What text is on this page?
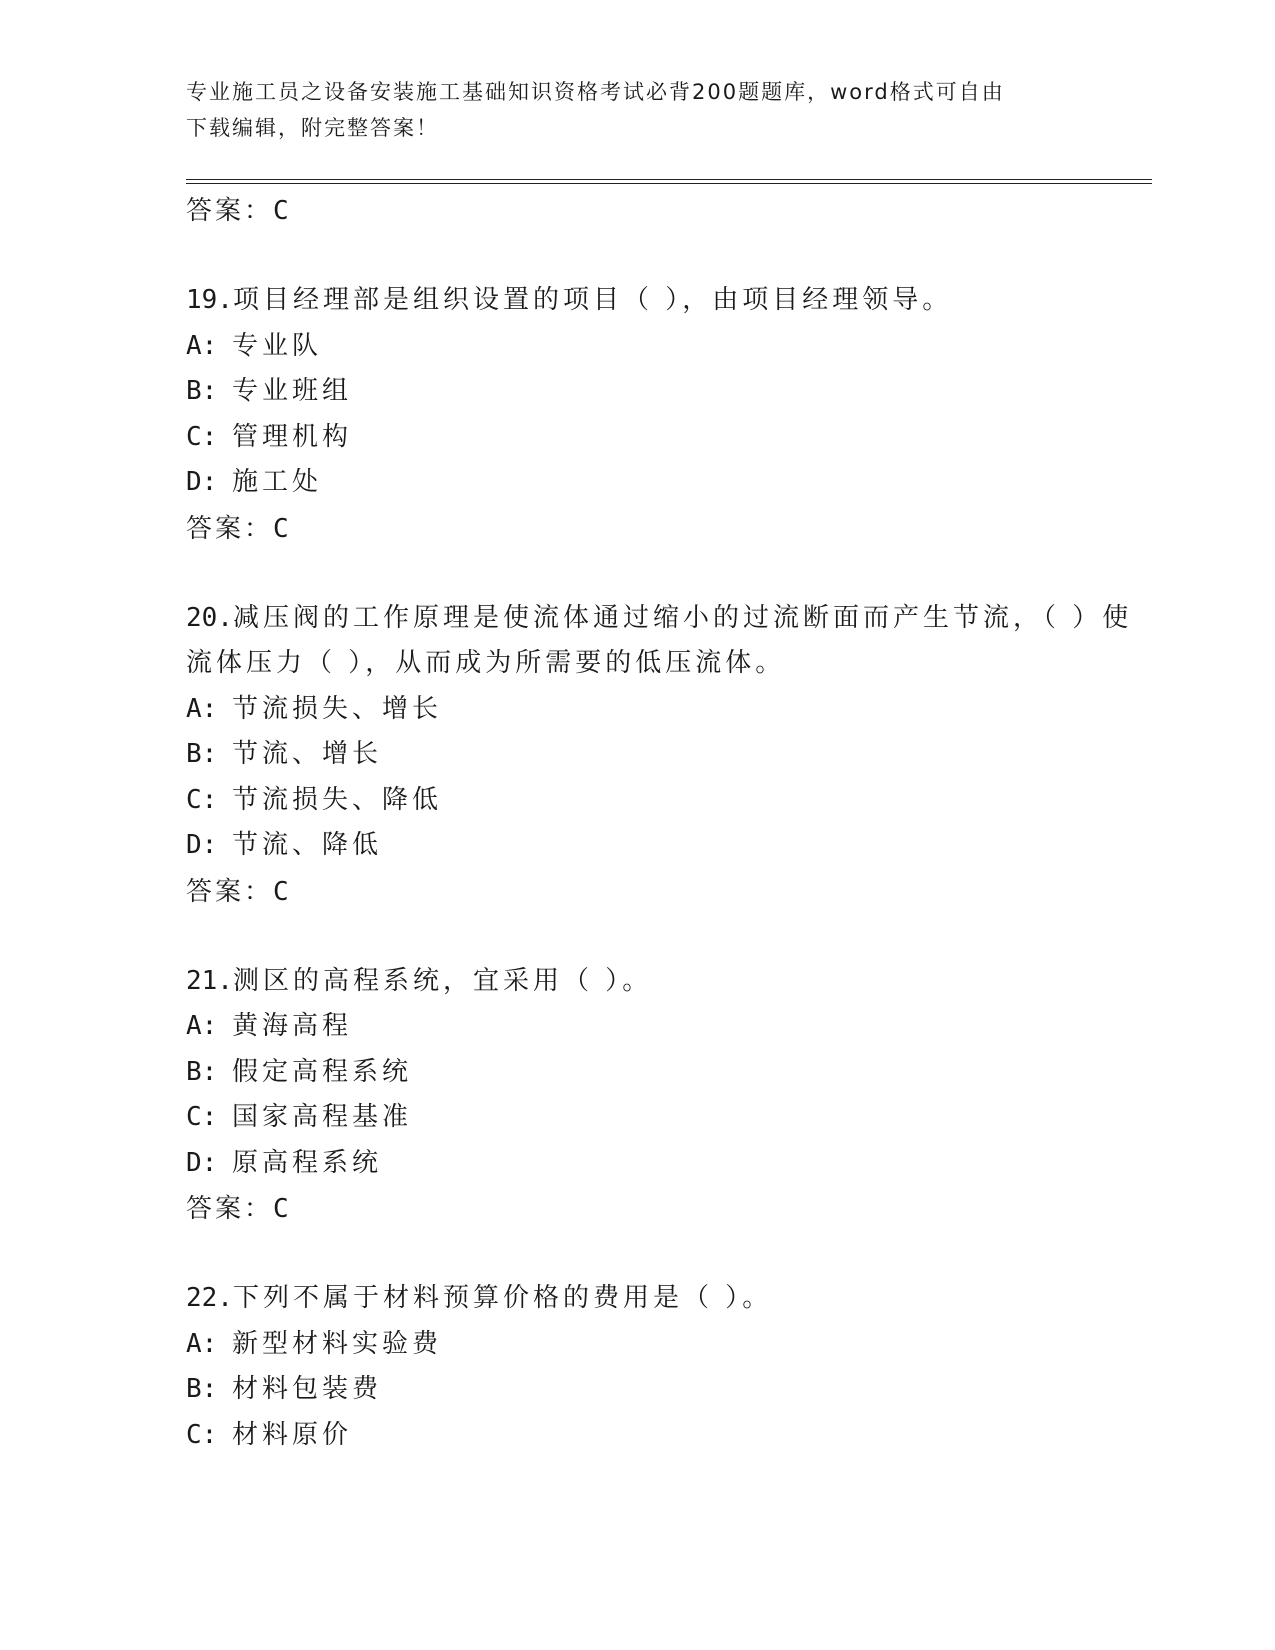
专业施工员之设备安装施工基础知识资格考试必背200题题库，word格式可自由
下载编辑，附完整答案！
答案：C
19.项目经理部是组织设置的项目（ ），由项目经理领导。
A: 专业队
B: 专业班组
C: 管理机构
D: 施工处
答案：C
20.减压阀的工作原理是使流体通过缩小的过流断面而产生节流，（ ）使流体压力（ ），从而成为所需要的低压流体。
A: 节流损失、增长
B: 节流、增长
C: 节流损失、降低
D: 节流、降低
答案：C
21.测区的高程系统，宜采用（ ）。
A: 黄海高程
B: 假定高程系统
C: 国家高程基准
D: 原高程系统
答案：C
22.下列不属于材料预算价格的费用是（ ）。
A: 新型材料实验费
B: 材料包装费
C: 材料原价
